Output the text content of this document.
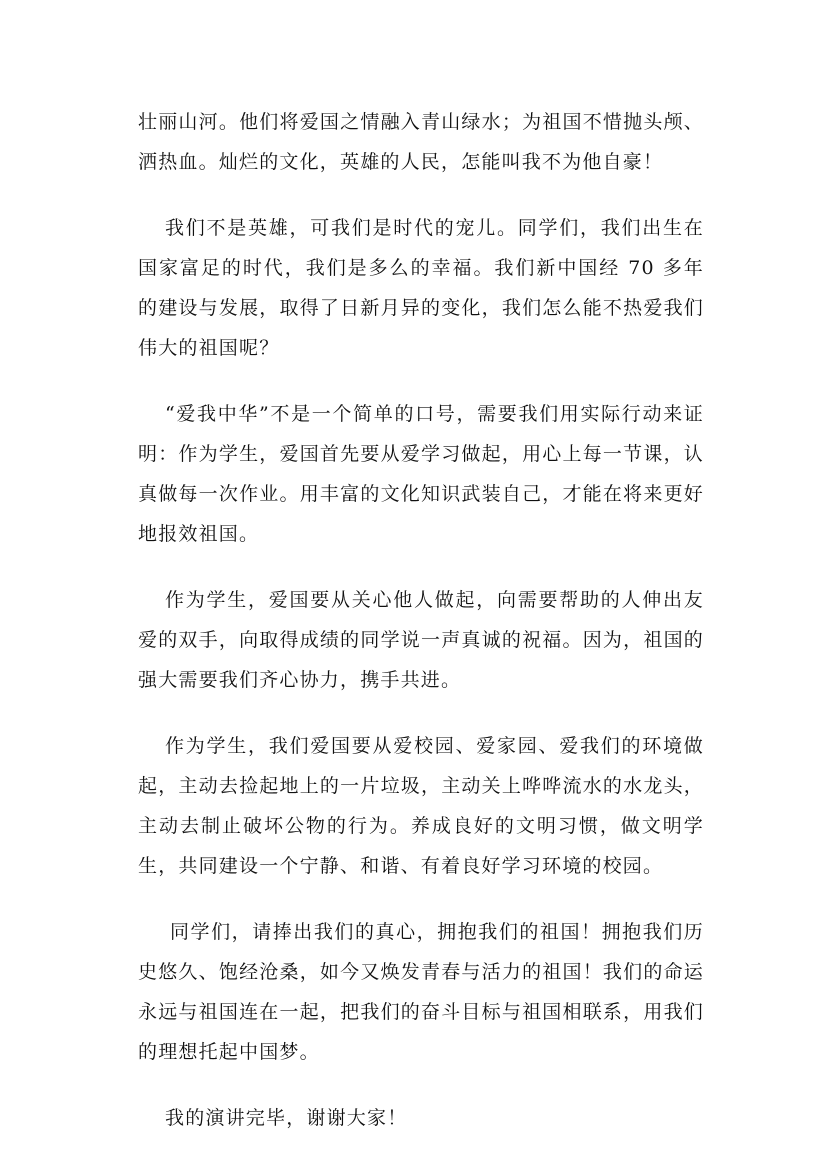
壮丽山河。他们将爱国之情融入青山绿水；为祖国不惜抛头颅、洒热血。灿烂的文化，英雄的人民，怎能叫我不为他自豪！

我们不是英雄，可我们是时代的宠儿。同学们，我们出生在国家富足的时代，我们是多么的幸福。我们新中国经 70 多年的建设与发展，取得了日新月异的变化，我们怎么能不热爱我们伟大的祖国呢？

“爱我中华”不是一个简单的口号，需要我们用实际行动来证明：作为学生，爱国首先要从爱学习做起，用心上每一节课，认真做每一次作业。用丰富的文化知识武装自己，才能在将来更好地报效祖国。

作为学生，爱国要从关心他人做起，向需要帮助的人伸出友爱的双手，向取得成绩的同学说一声真诚的祝福。因为，祖国的强大需要我们齐心协力，携手共进。

作为学生，我们爱国要从爱校园、爱家园、爱我们的环境做起，主动去捡起地上的一片垃圾，主动关上哗哗流水的水龙头，主动去制止破坏公物的行为。养成良好的文明习惯，做文明学生，共同建设一个宁静、和谐、有着良好学习环境的校园。

同学们，请捧出我们的真心，拥抱我们的祖国！拥抱我们历史悠久、饱经沧桑，如今又焕发青春与活力的祖国！我们的命运永远与祖国连在一起，把我们的奋斗目标与祖国相联系，用我们的理想托起中国梦。

我的演讲完毕，谢谢大家！
